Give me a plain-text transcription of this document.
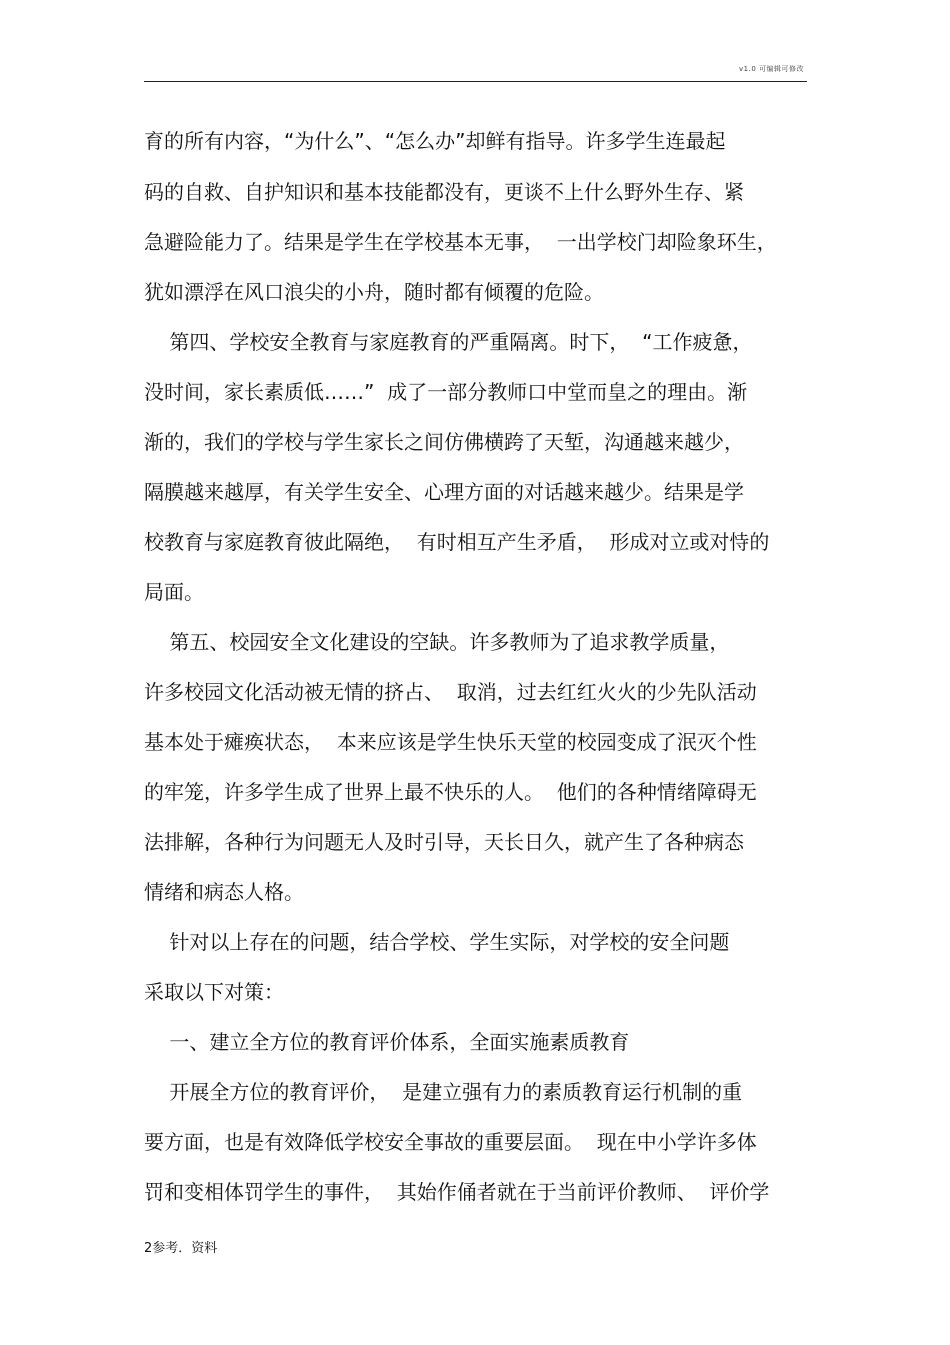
v1.0 可编辑可修改
育的所有内容，“为什么”、“怎么办”却鲜有指导。许多学生连最起
码的自救、自护知识和基本技能都没有，更谈不上什么野外生存、紧
急避险能力了。结果是学生在学校基本无事，  一出学校门却险象环生，
犹如漂浮在风口浪尖的小舟，随时都有倾覆的危险。
第四、学校安全教育与家庭教育的严重隔离。时下，  “工作疲惫，
没时间，家长素质低……”  成了一部分教师口中堂而皇之的理由。渐
渐的，我们的学校与学生家长之间仿佛横跨了天堑，沟通越来越少，
隔膜越来越厚，有关学生安全、心理方面的对话越来越少。结果是学
校教育与家庭教育彼此隔绝，  有时相互产生矛盾，  形成对立或对恃的
局面。
第五、校园安全文化建设的空缺。许多教师为了追求教学质量，
许多校园文化活动被无情的挤占、  取消，过去红红火火的少先队活动
基本处于瘫痪状态，  本来应该是学生快乐天堂的校园变成了泯灭个性
的牢笼，许多学生成了世界上最不快乐的人。  他们的各种情绪障碍无
法排解，各种行为问题无人及时引导，天长日久，就产生了各种病态
情绪和病态人格。
针对以上存在的问题，结合学校、学生实际，对学校的安全问题
采取以下对策：
一、建立全方位的教育评价体系，全面实施素质教育
开展全方位的教育评价，  是建立强有力的素质教育运行机制的重
要方面，也是有效降低学校安全事故的重要层面。  现在中小学许多体
罚和变相体罚学生的事件，  其始作俑者就在于当前评价教师、  评价学
2参考．资料
